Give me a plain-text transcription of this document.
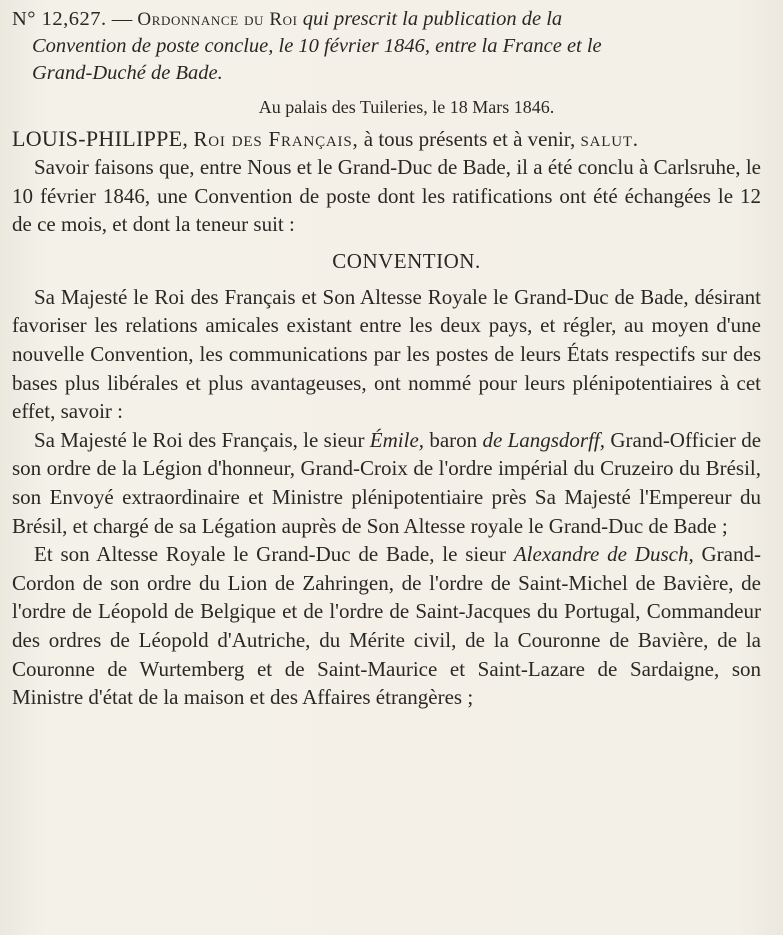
N° 12,627. — Ordonnance du Roi qui prescrit la publication de la
Convention de poste conclue, le 10 février 1846, entre la France et le
Grand-Duché de Bade.
Au palais des Tuileries, le 18 Mars 1846.

LOUIS-PHILIPPE, Roi des Français, à tous présents et à venir, salut.

Savoir faisons que, entre Nous et le Grand-Duc de Bade, il a été conclu à Carlsruhe, le 10 février 1846, une Convention de poste dont les ratifications ont été échangées le 12 de ce mois, et dont la teneur suit :

CONVENTION.

Sa Majesté le Roi des Français et Son Altesse Royale le Grand-Duc de Bade, désirant favoriser les relations amicales existant entre les deux pays, et régler, au moyen d'une nouvelle Convention, les communications par les postes de leurs États respectifs sur des bases plus libérales et plus avantageuses, ont nommé pour leurs plénipotentiaires à cet effet, savoir :

Sa Majesté le Roi des Français, le sieur Émile, baron de Langsdorff, Grand-Officier de son ordre de la Légion d'honneur, Grand-Croix de l'ordre impérial du Cruzeiro du Brésil, son Envoyé extraordinaire et Ministre plénipotentiaire près Sa Majesté l'Empereur du Brésil, et chargé de sa Légation auprès de Son Altesse royale le Grand-Duc de Bade ;

Et son Altesse Royale le Grand-Duc de Bade, le sieur Alexandre de Dusch, Grand-Cordon de son ordre du Lion de Zahringen, de l'ordre de Saint-Michel de Bavière, de l'ordre de Léopold de Belgique et de l'ordre de Saint-Jacques du Portugal, Commandeur des ordres de Léopold d'Autriche, du Mérite civil, de la Couronne de Bavière, de la Couronne de Wurtemberg et de Saint-Maurice et Saint-Lazare de Sardaigne, son Ministre d'état de la maison et des Affaires étrangères ;
